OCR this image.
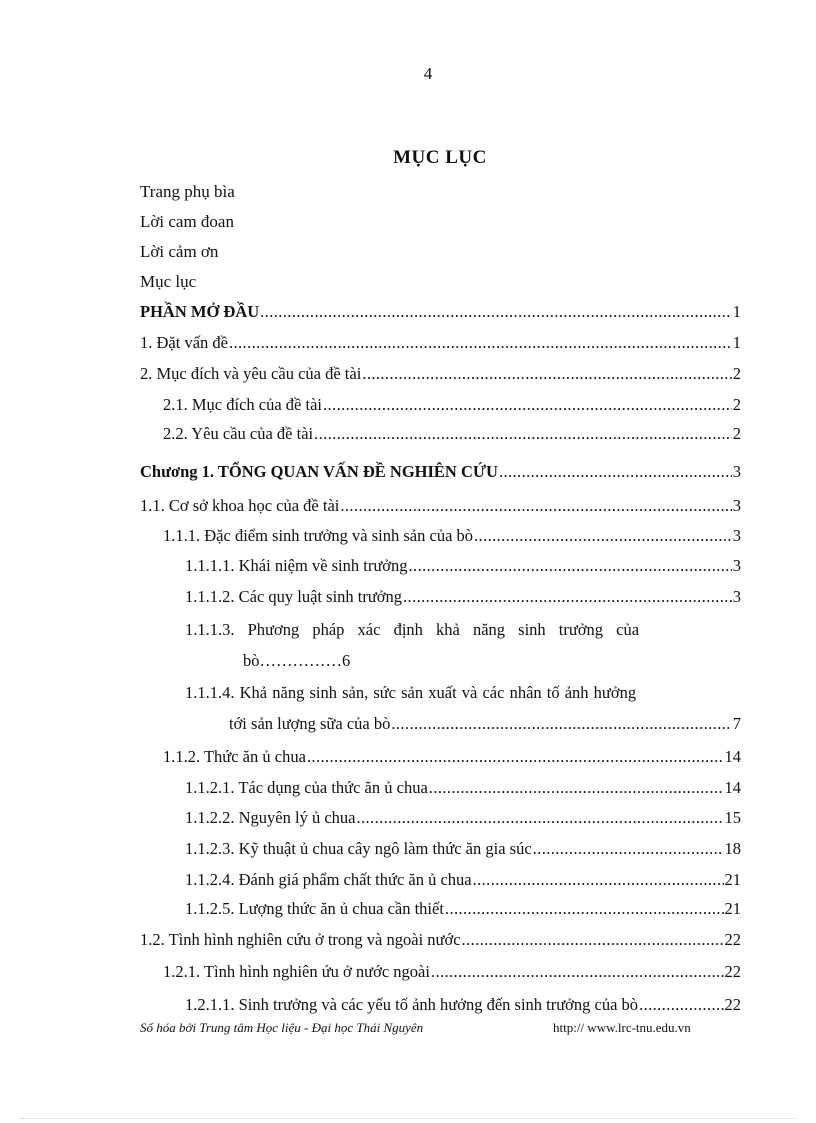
4
MỤC LỤC
Trang phụ bìa
Lời cam đoan
Lời cảm ơn
Mục lục
PHẦN MỞ ĐẦU .....	1
1. Đặt vấn đề .....	1
2. Mục đích và yêu cầu của đề tài .....	2
2.1. Mục đích của đề tài .....	2
2.2. Yêu cầu của đề tài .....	2
Chương 1. TỔNG QUAN VẤN ĐỀ NGHIÊN CỨU .....	3
1.1. Cơ sở khoa học của đề tài .....	3
1.1.1. Đặc điểm sinh trưởng và sinh sản của bò .....	3
1.1.1.1. Khái niệm về sinh trưởng .....	3
1.1.1.2. Các quy luật sinh trưởng .....	3
1.1.1.3. Phương pháp xác định khả năng sinh trưởng của
bò……………6
1.1.1.4. Khả năng sinh sản, sức sản xuất và các nhân tố ảnh hưởng
tới sản lượng sữa của bò .....	7
1.1.2. Thức ăn ủ chua .....	14
1.1.2.1. Tác dụng của thức ăn ủ chua .....	14
1.1.2.2. Nguyên lý ủ chua .....	15
1.1.2.3. Kỹ thuật ủ chua cây ngô làm thức ăn gia súc .....	18
1.1.2.4. Đánh giá phẩm chất thức ăn ủ chua .....	21
1.1.2.5. Lượng thức ăn ủ chua cần thiết .....	21
1.2. Tình hình nghiên cứu ở trong và ngoài nước .....	22
1.2.1. Tình hình nghiên ứu ở nước ngoài .....	22
1.2.1.1. Sinh trưởng và các yếu tố ảnh hưởng đến sinh trưởng của bò .....	22
Số hóa bởi Trung tâm Học liệu - Đại học Thái Nguyên	http:// www.lrc-tnu.edu.vn
